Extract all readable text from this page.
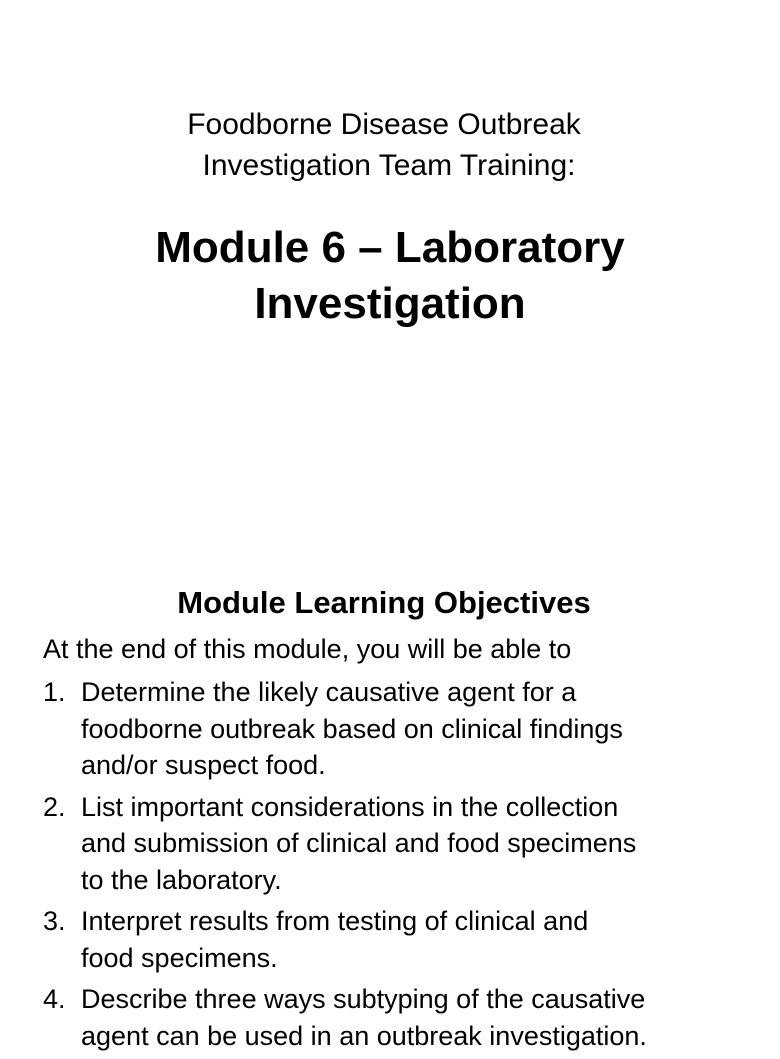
Foodborne Disease Outbreak
Investigation Team Training:
Module 6 – Laboratory
Investigation
Module Learning Objectives
At the end of this module, you will be able to
1. Determine the likely causative agent for a
foodborne outbreak based on clinical findings
and/or suspect food.
2. List important considerations in the collection
and submission of clinical and food specimens
to the laboratory.
3. Interpret results from testing of clinical and
food specimens.
4. Describe three ways subtyping of the causative
agent can be used in an outbreak investigation.
